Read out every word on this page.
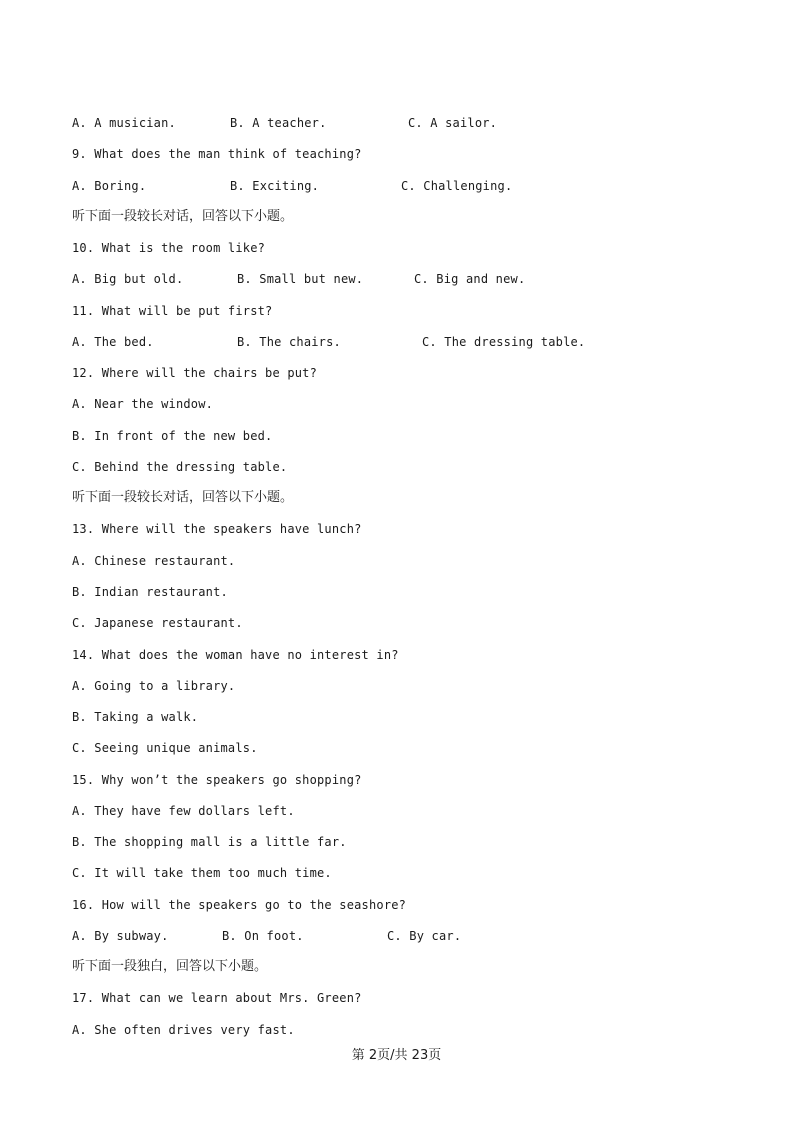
A. A musician.	B. A teacher.	C. A sailor.
9. What does the man think of teaching?
A. Boring.	B. Exciting.	C. Challenging.
听下面一段较长对话，回答以下小题。
10. What is the room like?
A. Big but old.	B. Small but new.	C. Big and new.
11. What will be put first?
A. The bed.	B. The chairs.	C. The dressing table.
12. Where will the chairs be put?
A. Near the window.
B. In front of the new bed.
C. Behind the dressing table.
听下面一段较长对话，回答以下小题。
13. Where will the speakers have lunch?
A. Chinese restaurant.
B. Indian restaurant.
C. Japanese restaurant.
14. What does the woman have no interest in?
A. Going to a library.
B. Taking a walk.
C. Seeing unique animals.
15. Why won’t the speakers go shopping?
A. They have few dollars left.
B. The shopping mall is a little far.
C. It will take them too much time.
16. How will the speakers go to the seashore?
A. By subway.	B. On foot.	C. By car.
听下面一段独白，回答以下小题。
17. What can we learn about Mrs. Green?
A. She often drives very fast.
第 2页/共 23页
